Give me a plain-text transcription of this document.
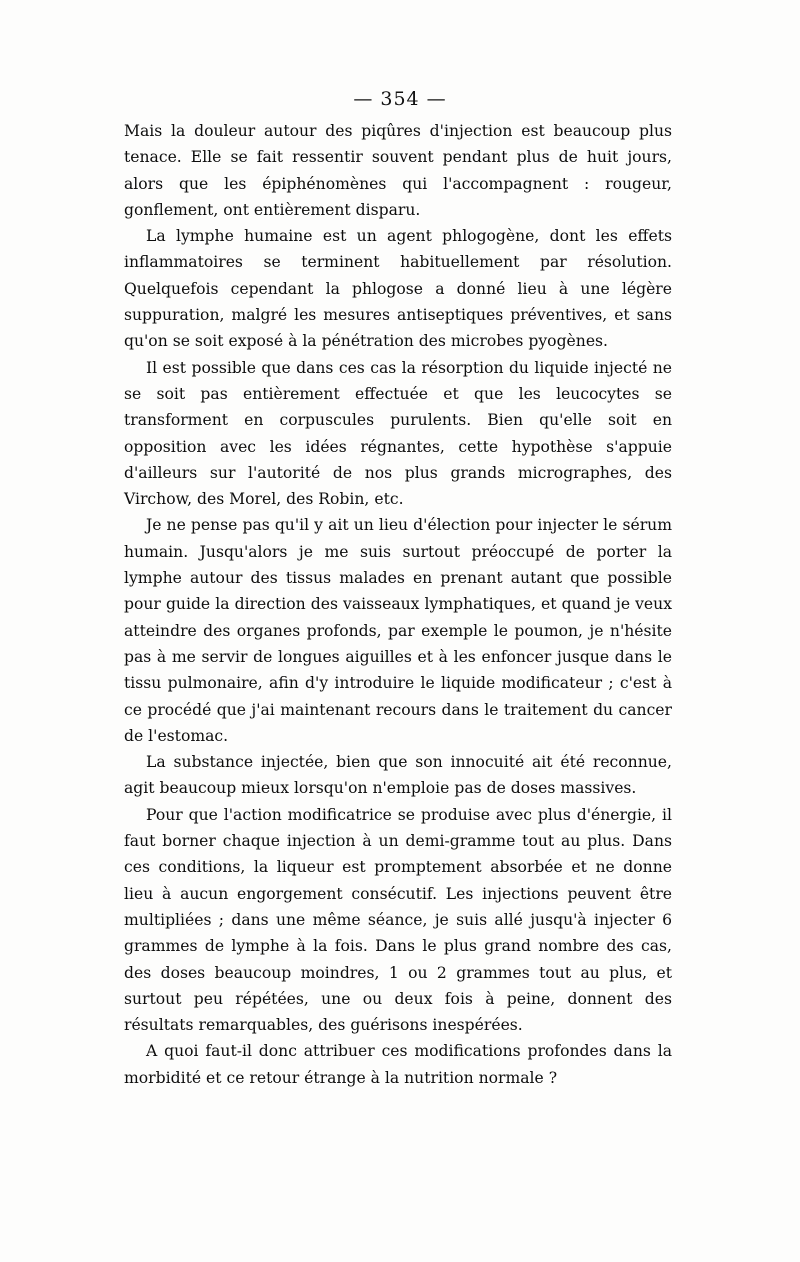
— 354 —

Mais la douleur autour des piqûres d'injection est beaucoup plus tenace. Elle se fait ressentir souvent pendant plus de huit jours, alors que les épiphénomènes qui l'accompagnent : rougeur, gonflement, ont entièrement disparu.

La lymphe humaine est un agent phlogogène, dont les effets inflammatoires se terminent habituellement par résolution. Quelquefois cependant la phlogose a donné lieu à une légère suppuration, malgré les mesures antiseptiques préventives, et sans qu'on se soit exposé à la pénétration des microbes pyogènes.

Il est possible que dans ces cas la résorption du liquide injecté ne se soit pas entièrement effectuée et que les leucocytes se transforment en corpuscules purulents. Bien qu'elle soit en opposition avec les idées régnantes, cette hypothèse s'appuie d'ailleurs sur l'autorité de nos plus grands micrographes, des Virchow, des Morel, des Robin, etc.

Je ne pense pas qu'il y ait un lieu d'élection pour injecter le sérum humain. Jusqu'alors je me suis surtout préoccupé de porter la lymphe autour des tissus malades en prenant autant que possible pour guide la direction des vaisseaux lymphatiques, et quand je veux atteindre des organes profonds, par exemple le poumon, je n'hésite pas à me servir de longues aiguilles et à les enfoncer jusque dans le tissu pulmonaire, afin d'y introduire le liquide modificateur ; c'est à ce procédé que j'ai maintenant recours dans le traitement du cancer de l'estomac.

La substance injectée, bien que son innocuité ait été reconnue, agit beaucoup mieux lorsqu'on n'emploie pas de doses massives.

Pour que l'action modificatrice se produise avec plus d'énergie, il faut borner chaque injection à un demi-gramme tout au plus. Dans ces conditions, la liqueur est promptement absorbée et ne donne lieu à aucun engorgement consécutif. Les injections peuvent être multipliées ; dans une même séance, je suis allé jusqu'à injecter 6 grammes de lymphe à la fois. Dans le plus grand nombre des cas, des doses beaucoup moindres, 1 ou 2 grammes tout au plus, et surtout peu répétées, une ou deux fois à peine, donnent des résultats remarquables, des guérisons inespérées.

A quoi faut-il donc attribuer ces modifications profondes dans la morbidité et ce retour étrange à la nutrition normale ?
